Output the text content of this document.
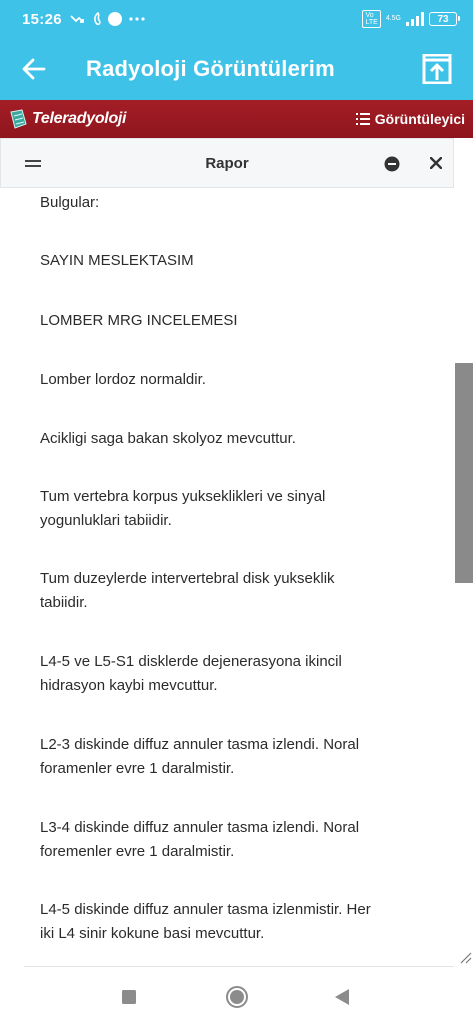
15:26	Vo
LTE
4.5G	73
Radyoloji Görüntülerim
Teleradyoloji	Görüntüleyici
Rapor
Bulgular:
SAYIN MESLEKTASIM
LOMBER MRG INCELEMESI
Lomber lordoz normaldir.
Acikligi saga bakan skolyoz mevcuttur.
Tum vertebra korpus yukseklikleri ve sinyal
yogunluklari tabiidir.
Tum duzeylerde intervertebral disk yukseklik
tabiidir.
L4-5 ve L5-S1 disklerde dejenerasyona ikincil
hidrasyon kaybi mevcuttur.
L2-3 diskinde diffuz annuler tasma izlendi. Noral
foramenler evre 1 daralmistir.
L3-4 diskinde diffuz annuler tasma izlendi. Noral
foremenler evre 1 daralmistir.
L4-5 diskinde diffuz annuler tasma izlenmistir. Her
iki L4 sinir kokune basi mevcuttur.
